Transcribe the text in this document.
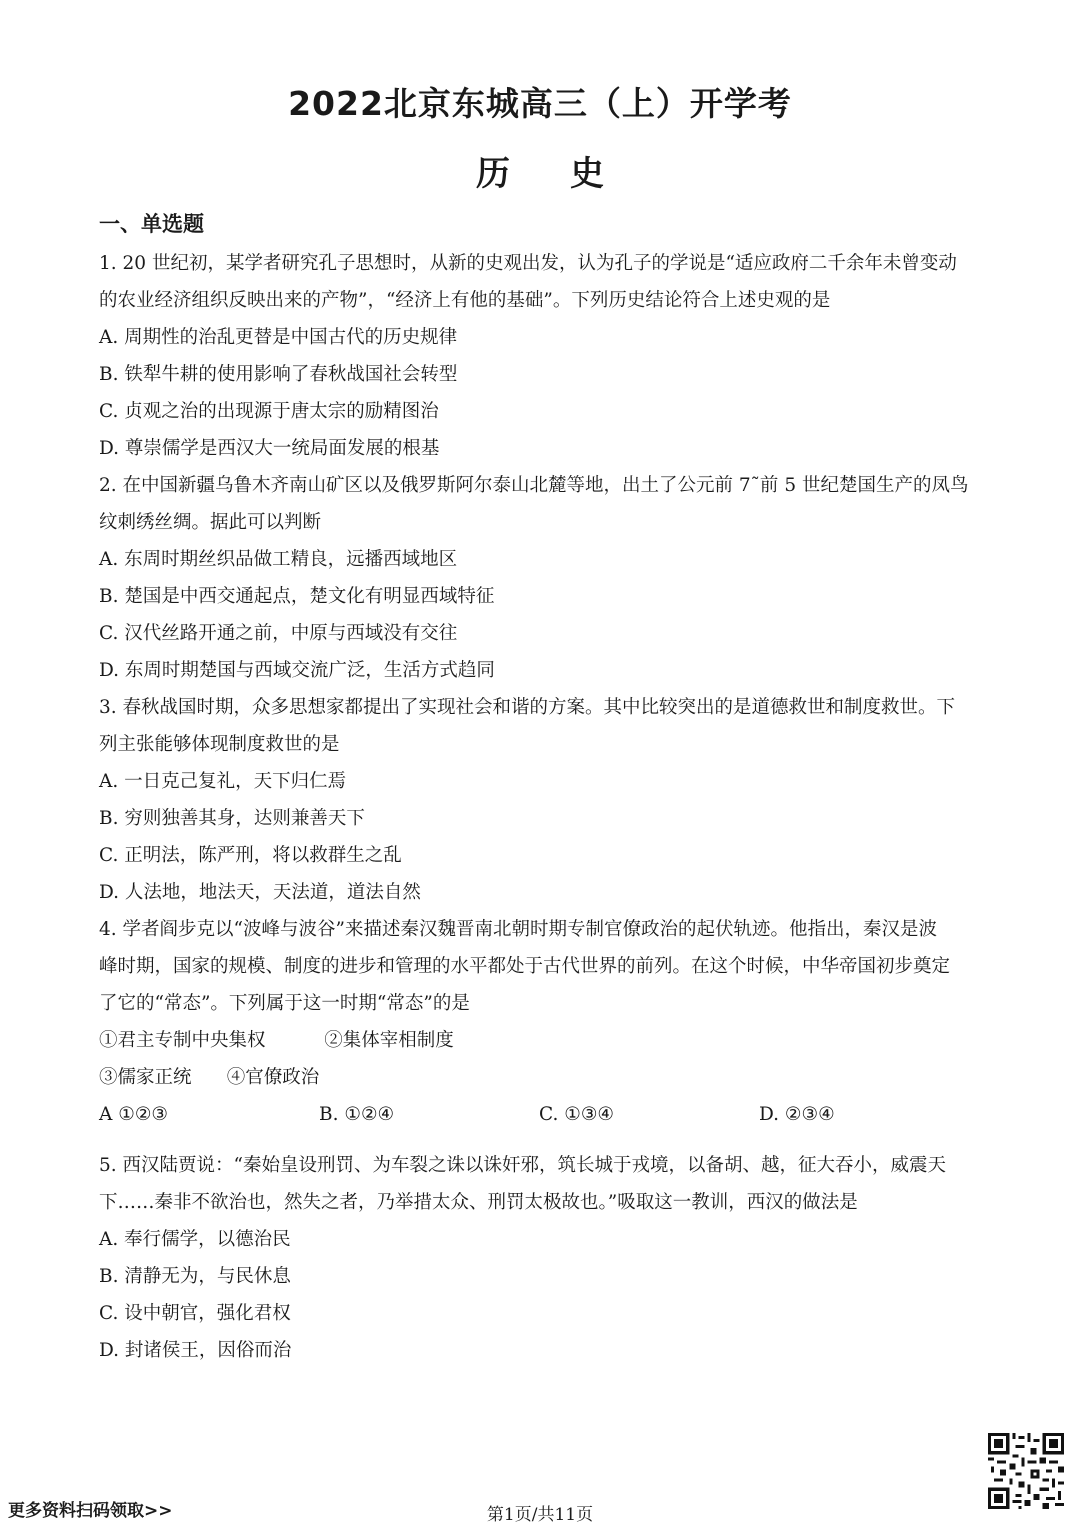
2022北京东城高三（上）开学考
历史
一、单选题
1. 20 世纪初，某学者研究孔子思想时，从新的史观出发，认为孔子的学说是“适应政府二千余年未曾变动
的农业经济组织反映出来的产物”，“经济上有他的基础”。下列历史结论符合上述史观的是
A. 周期性的治乱更替是中国古代的历史规律
B. 铁犁牛耕的使用影响了春秋战国社会转型
C. 贞观之治的出现源于唐太宗的励精图治
D. 尊崇儒学是西汉大一统局面发展的根基
2. 在中国新疆乌鲁木齐南山矿区以及俄罗斯阿尔泰山北麓等地，出土了公元前 7˜前 5 世纪楚国生产的凤鸟
纹刺绣丝绸。据此可以判断
A. 东周时期丝织品做工精良，远播西域地区
B. 楚国是中西交通起点，楚文化有明显西域特征
C. 汉代丝路开通之前，中原与西域没有交往
D. 东周时期楚国与西域交流广泛，生活方式趋同
3. 春秋战国时期，众多思想家都提出了实现社会和谐的方案。其中比较突出的是道德救世和制度救世。下
列主张能够体现制度救世的是
A. 一日克己复礼，天下归仁焉
B. 穷则独善其身，达则兼善天下
C. 正明法，陈严刑，将以救群生之乱
D. 人法地，地法天，天法道，道法自然
4. 学者阎步克以“波峰与波谷”来描述秦汉魏晋南北朝时期专制官僚政治的起伏轨迹。他指出，秦汉是波
峰时期，国家的规模、制度的进步和管理的水平都处于古代世界的前列。在这个时候，中华帝国初步奠定
了它的“常态”。下列属于这一时期“常态”的是
①君主专制中央集权          ②集体宰相制度
③儒家正统      ④官僚政治
A ①②③	B. ①②④	C. ①③④	D. ②③④
5. 西汉陆贾说：“秦始皇设刑罚、为车裂之诛以诛奸邪，筑长城于戎境，以备胡、越，征大吞小，威震天
下……秦非不欲治也，然失之者，乃举措太众、刑罚太极故也。”吸取这一教训，西汉的做法是
A. 奉行儒学，以德治民
B. 清静无为，与民休息
C. 设中朝官，强化君权
D. 封诸侯王，因俗而治
更多资料扫码领取>>	第1页/共11页
